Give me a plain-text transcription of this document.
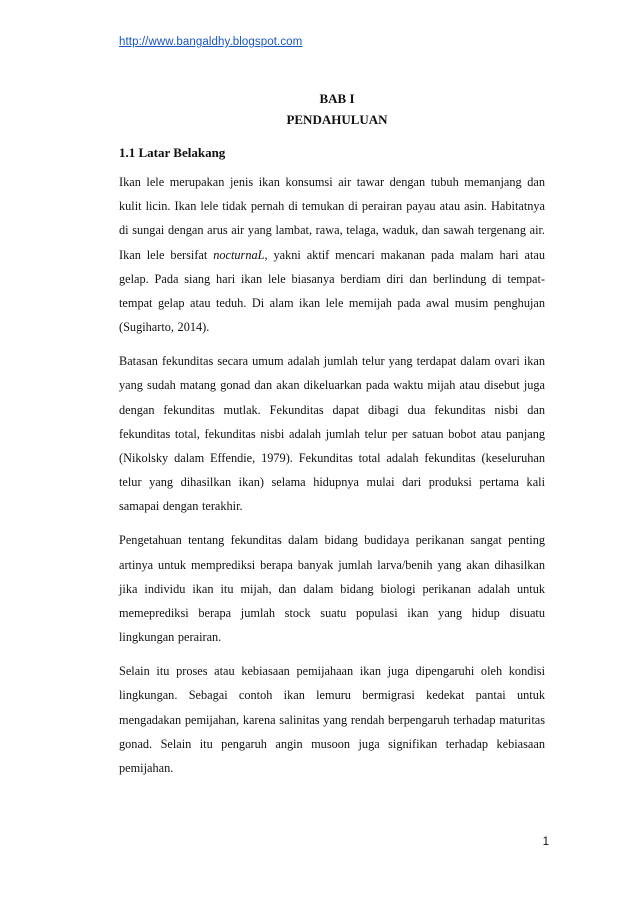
http://www.bangaldhy.blogspot.com
BAB I
PENDAHULUAN
1.1 Latar Belakang

Ikan lele merupakan jenis ikan konsumsi air tawar dengan tubuh memanjang dan kulit licin. Ikan lele tidak pernah di temukan di perairan payau atau asin. Habitatnya di sungai dengan arus air yang lambat, rawa, telaga, waduk, dan sawah tergenang air. Ikan lele bersifat nocturnaL, yakni aktif mencari makanan pada malam hari atau gelap. Pada siang hari ikan lele biasanya berdiam diri dan berlindung di tempat-tempat gelap atau teduh. Di alam ikan lele memijah pada awal musim penghujan (Sugiharto, 2014).

Batasan fekunditas secara umum adalah jumlah telur yang terdapat dalam ovari ikan yang sudah matang gonad dan akan dikeluarkan pada waktu mijah atau disebut juga dengan fekunditas mutlak. Fekunditas dapat dibagi dua fekunditas nisbi dan fekunditas total, fekunditas nisbi adalah jumlah telur per satuan bobot atau panjang (Nikolsky dalam Effendie, 1979). Fekunditas total adalah fekunditas (keseluruhan telur yang dihasilkan ikan) selama hidupnya mulai dari produksi pertama kali samapai dengan terakhir.

Pengetahuan tentang fekunditas dalam bidang budidaya perikanan sangat penting artinya untuk memprediksi berapa banyak jumlah larva/benih yang akan dihasilkan jika individu ikan itu mijah, dan dalam bidang biologi perikanan adalah untuk memeprediksi berapa jumlah stock suatu populasi ikan yang hidup disuatu lingkungan perairan.

Selain itu proses atau kebiasaan pemijahaan ikan juga dipengaruhi oleh kondisi lingkungan. Sebagai contoh ikan lemuru bermigrasi kedekat pantai untuk mengadakan pemijahan, karena salinitas yang rendah berpengaruh terhadap maturitas gonad. Selain itu pengaruh angin musoon juga signifikan terhadap kebiasaan pemijahan.

1
